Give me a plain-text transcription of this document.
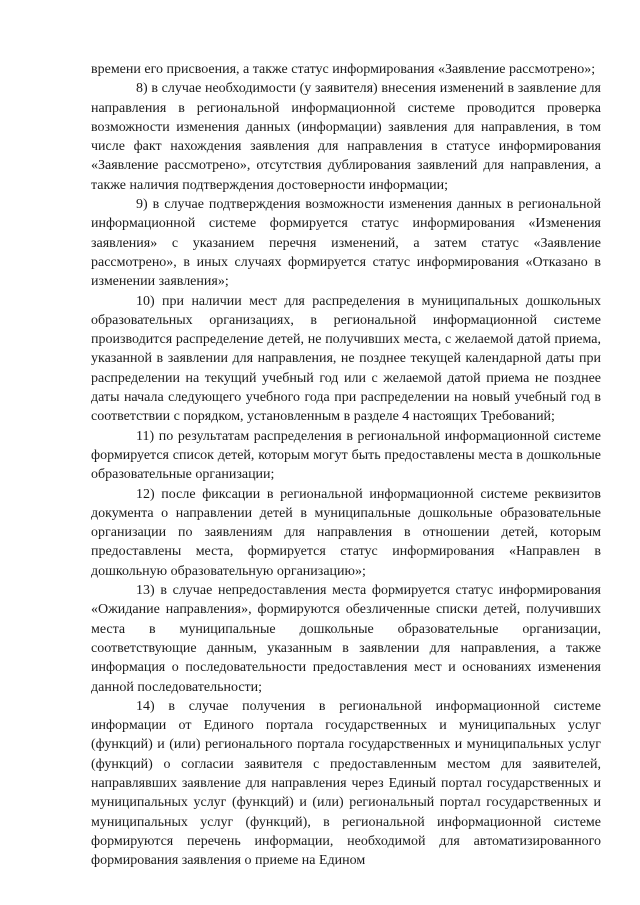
времени его присвоения, а также статус информирования «Заявление рассмотрено»;

8) в случае необходимости (у заявителя) внесения изменений в заявление для направления в региональной информационной системе проводится проверка возможности изменения данных (информации) заявления для направления, в том числе факт нахождения заявления для направления в статусе информирования «Заявление рассмотрено», отсутствия дублирования заявлений для направления, а также наличия подтверждения достоверности информации;

9) в случае подтверждения возможности изменения данных в региональной информационной системе формируется статус информирования «Изменения заявления» с указанием перечня изменений, а затем статус «Заявление рассмотрено», в иных случаях формируется статус информирования «Отказано в изменении заявления»;

10) при наличии мест для распределения в муниципальных дошкольных образовательных организациях, в региональной информационной системе производится распределение детей, не получивших места, с желаемой датой приема, указанной в заявлении для направления, не позднее текущей календарной даты при распределении на текущий учебный год или с желаемой датой приема не позднее даты начала следующего учебного года при распределении на новый учебный год в соответствии с порядком, установленным в разделе 4 настоящих Требований;

11) по результатам распределения в региональной информационной системе формируется список детей, которым могут быть предоставлены места в дошкольные образовательные организации;

12) после фиксации в региональной информационной системе реквизитов документа о направлении детей в муниципальные дошкольные образовательные организации по заявлениям для направления в отношении детей, которым предоставлены места, формируется статус информирования «Направлен в дошкольную образовательную организацию»;

13) в случае непредоставления места формируется статус информирования «Ожидание направления», формируются обезличенные списки детей, получивших места в муниципальные дошкольные образовательные организации, соответствующие данным, указанным в заявлении для направления, а также информация о последовательности предоставления мест и основаниях изменения данной последовательности;

14) в случае получения в региональной информационной системе информации от Единого портала государственных и муниципальных услуг (функций) и (или) регионального портала государственных и муниципальных услуг (функций) о согласии заявителя с предоставленным местом для заявителей, направлявших заявление для направления через Единый портал государственных и муниципальных услуг (функций) и (или) региональный портал государственных и муниципальных услуг (функций), в региональной информационной системе формируются перечень информации, необходимой для автоматизированного формирования заявления о приеме на Едином
